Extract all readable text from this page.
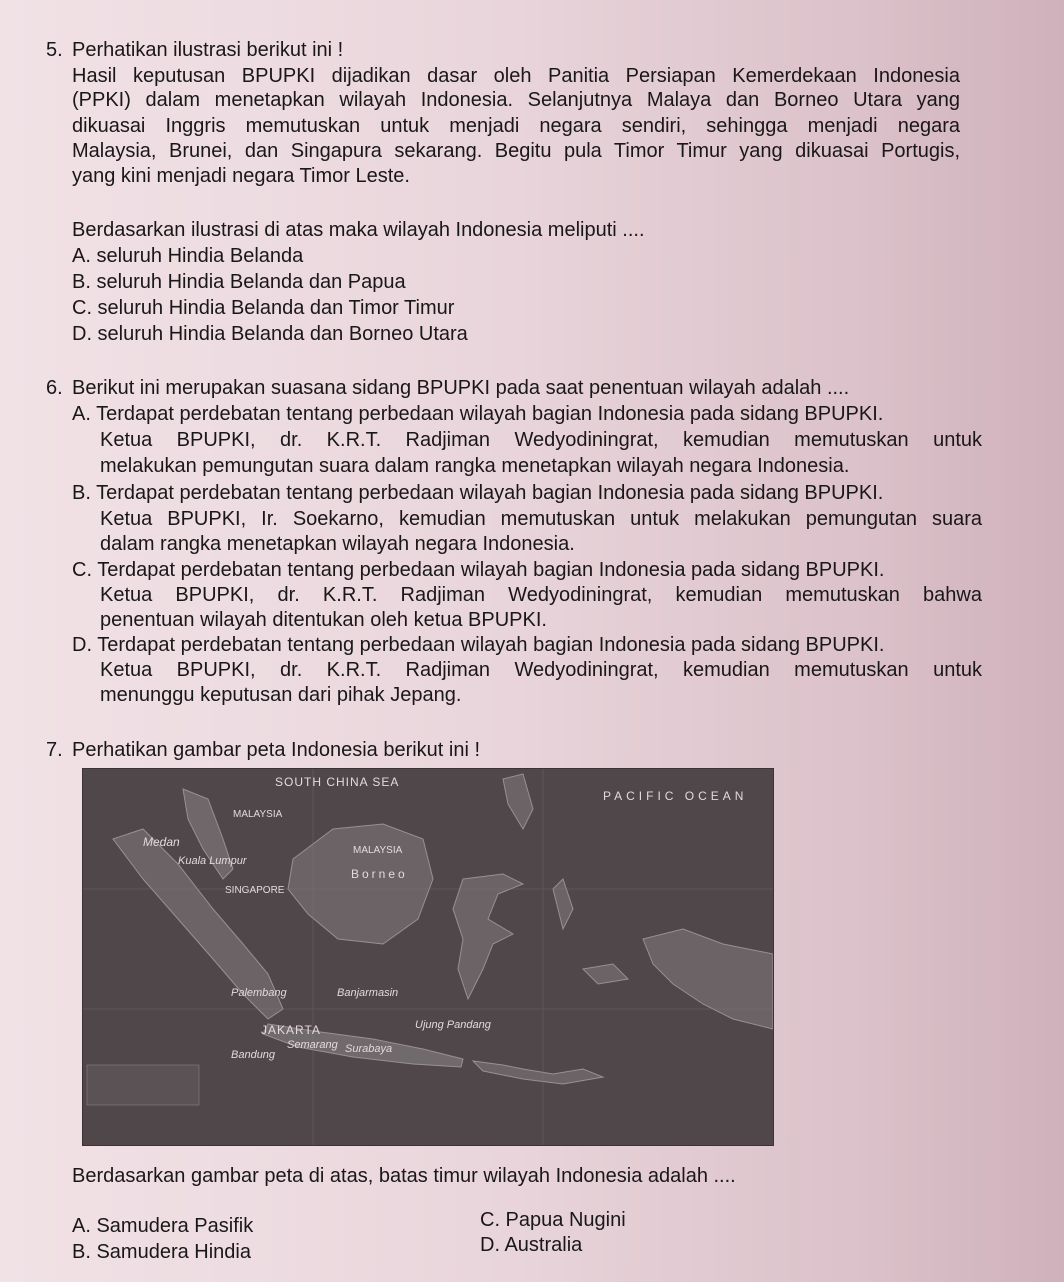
5. Perhatikan ilustrasi berikut ini !
Hasil keputusan BPUPKI dijadikan dasar oleh Panitia Persiapan Kemerdekaan Indonesia
(PPKI) dalam menetapkan wilayah Indonesia. Selanjutnya Malaya dan Borneo Utara yang
dikuasai Inggris memutuskan untuk menjadi negara sendiri, sehingga menjadi negara
Malaysia, Brunei, dan Singapura sekarang. Begitu pula Timor Timur yang dikuasai Portugis,
yang kini menjadi negara Timor Leste.
Berdasarkan ilustrasi di atas maka wilayah Indonesia meliputi ....
A. seluruh Hindia Belanda
B. seluruh Hindia Belanda dan Papua
C. seluruh Hindia Belanda dan Timor Timur
D. seluruh Hindia Belanda dan Borneo Utara
6. Berikut ini merupakan suasana sidang BPUPKI pada saat penentuan wilayah adalah ....
A. Terdapat perdebatan tentang perbedaan wilayah bagian Indonesia pada sidang BPUPKI.
Ketua BPUPKI, dr. K.R.T. Radjiman Wedyodiningrat, kemudian memutuskan untuk
melakukan pemungutan suara dalam rangka menetapkan wilayah negara Indonesia.
B. Terdapat perdebatan tentang perbedaan wilayah bagian Indonesia pada sidang BPUPKI.
Ketua BPUPKI, Ir. Soekarno, kemudian memutuskan untuk melakukan pemungutan suara
dalam rangka menetapkan wilayah negara Indonesia.
C. Terdapat perdebatan tentang perbedaan wilayah bagian Indonesia pada sidang BPUPKI.
Ketua BPUPKI, dr. K.R.T. Radjiman Wedyodiningrat, kemudian memutuskan bahwa
penentuan wilayah ditentukan oleh ketua BPUPKI.
D. Terdapat perdebatan tentang perbedaan wilayah bagian Indonesia pada sidang BPUPKI.
Ketua BPUPKI, dr. K.R.T. Radjiman Wedyodiningrat, kemudian memutuskan untuk
menunggu keputusan dari pihak Jepang.
7. Perhatikan gambar peta Indonesia berikut ini !
SOUTH CHINA SEA
PACIFIC OCEAN
MALAYSIA
MALAYSIA
Medan
Kuala Lumpur
Borneo
SINGAPORE
Palembang	Banjarmasin
JAKARTA
Semarang Surabaya
Bandung
Ujung Pandang
Berdasarkan gambar peta di atas, batas timur wilayah Indonesia adalah ....
A. Samudera Pasifik
B. Samudera Hindia
C. Papua Nugini
D. Australia
